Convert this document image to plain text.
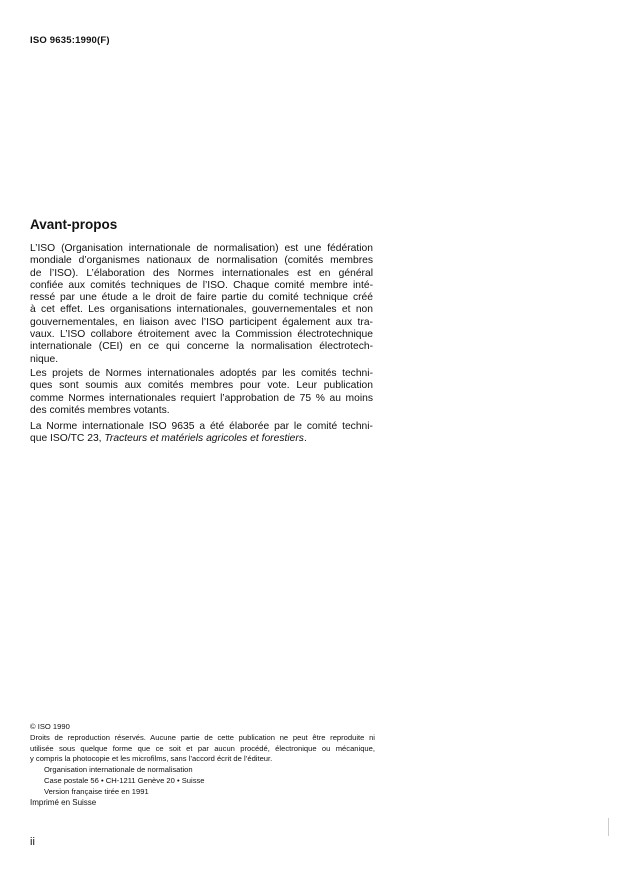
ISO 9635:1990(F)
Avant-propos
L’ISO (Organisation internationale de normalisation) est une fédération
mondiale d’organismes nationaux de normalisation (comités membres
de l’ISO). L’élaboration des Normes internationales est en général
confiée aux comités techniques de l’ISO. Chaque comité membre inté-
ressé par une étude a le droit de faire partie du comité technique créé
à cet effet. Les organisations internationales, gouvernementales et non
gouvernementales, en liaison avec l’ISO participent également aux tra-
vaux. L’ISO collabore étroitement avec la Commission électrotechnique
internationale (CEI) en ce qui concerne la normalisation électrotech-
nique.
Les projets de Normes internationales adoptés par les comités techni-
ques sont soumis aux comités membres pour vote. Leur publication
comme Normes internationales requiert l’approbation de 75 % au moins
des comités membres votants.
La Norme internationale ISO 9635 a été élaborée par le comité techni-
que ISO/TC 23, Tracteurs et matériels agricoles et forestiers.
© ISO 1990
Droits de reproduction réservés. Aucune partie de cette publication ne peut être reproduite ni
utilisée sous quelque forme que ce soit et par aucun procédé, électronique ou mécanique,
y compris la photocopie et les microfilms, sans l’accord écrit de l’éditeur.
Organisation internationale de normalisation
Case postale 56 • CH-1211 Genève 20 • Suisse
Version française tirée en 1991
Imprimé en Suisse
ii
